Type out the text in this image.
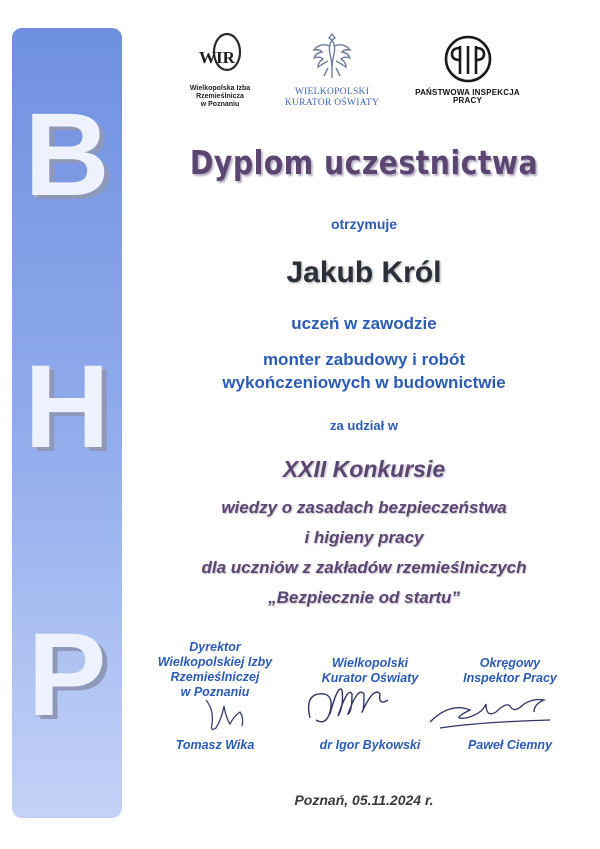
B
H
P
WIR
Wielkopolska Izba Rzemieślnicza
w Poznaniu
WIELKOPOLSKI
KURATOR OŚWIATY
PAŃSTWOWA INSPEKCJA PRACY
Dyplom uczestnictwa
otrzymuje
Jakub Król
uczeń w zawodzie
monter zabudowy i robót
wykończeniowych w budownictwie
za udział w
XXII Konkursie
wiedzy o zasadach bezpieczeństwa
i higieny pracy
dla uczniów z zakładów rzemieślniczych
„Bezpiecznie od startu”
Dyrektor
Wielkopolskiej Izby
Rzemieślniczej
w Poznaniu
Wielkopolski
Kurator Oświaty
Okręgowy
Inspektor Pracy
Tomasz Wika	dr Igor Bykowski	Paweł Ciemny
Poznań, 05.11.2024 r.
